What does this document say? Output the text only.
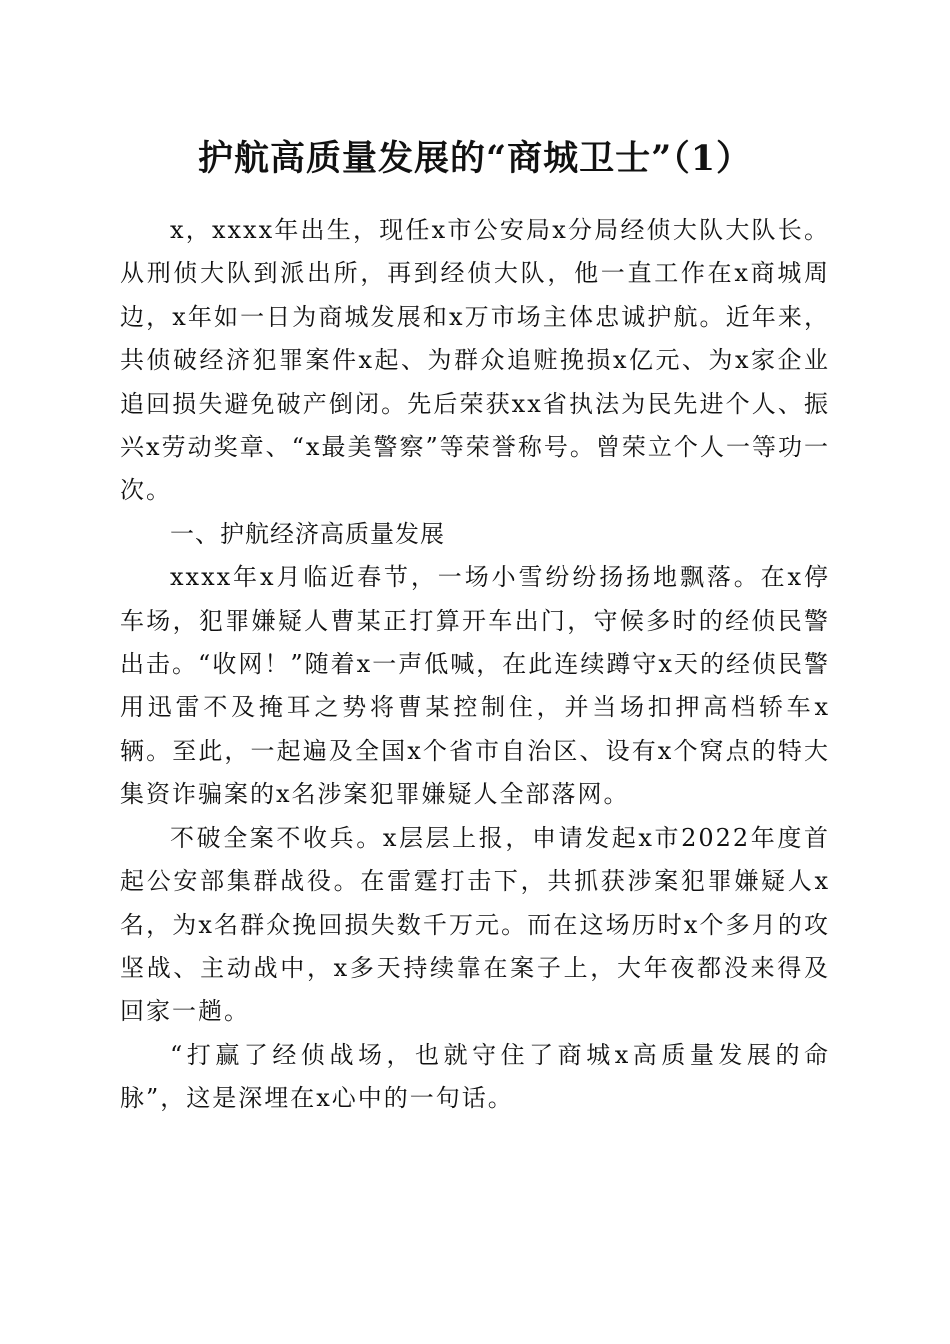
护航高质量发展的“商城卫士”（1）

x，xxxx年出生，现任x市公安局x分局经侦大队大队长。从刑侦大队到派出所，再到经侦大队，他一直工作在x商城周边，x年如一日为商城发展和x万市场主体忠诚护航。近年来，共侦破经济犯罪案件x起、为群众追赃挽损x亿元、为x家企业追回损失避免破产倒闭。先后荣获xx省执法为民先进个人、振兴x劳动奖章、“x最美警察”等荣誉称号。曾荣立个人一等功一次。

一、护航经济高质量发展

xxxx年x月临近春节，一场小雪纷纷扬扬地飘落。在x停车场，犯罪嫌疑人曹某正打算开车出门，守候多时的经侦民警出击。“收网！”随着x一声低喊，在此连续蹲守x天的经侦民警用迅雷不及掩耳之势将曹某控制住，并当场扣押高档轿车x辆。至此，一起遍及全国x个省市自治区、设有x个窝点的特大集资诈骗案的x名涉案犯罪嫌疑人全部落网。

不破全案不收兵。x层层上报，申请发起x市2022年度首起公安部集群战役。在雷霆打击下，共抓获涉案犯罪嫌疑人x名，为x名群众挽回损失数千万元。而在这场历时x个多月的攻坚战、主动战中，x多天持续靠在案子上，大年夜都没来得及回家一趟。

“打赢了经侦战场，也就守住了商城x高质量发展的命脉”，这是深埋在x心中的一句话。
